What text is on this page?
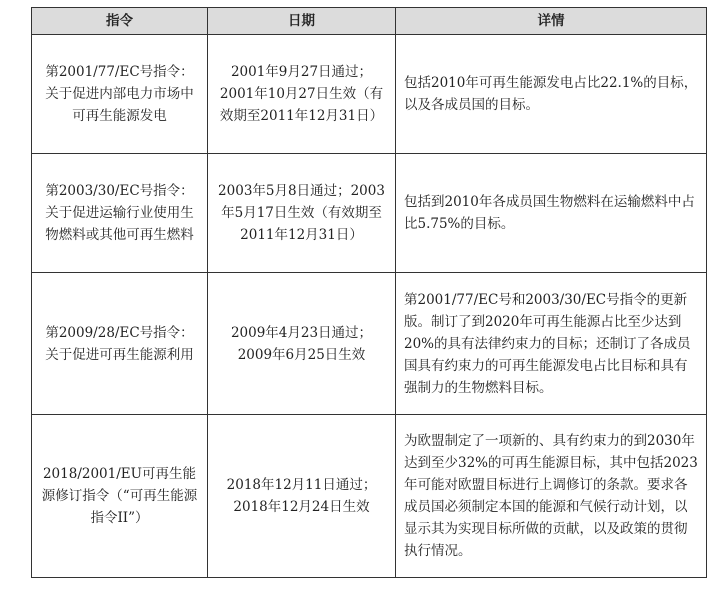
指令	日期	详情
第2001/77/EC号指令：关于促进内部电力市场中可再生能源发电	2001年9月27日通过；2001年10月27日生效（有效期至2011年12月31日）	包括2010年可再生能源发电占比22.1%的目标，以及各成员国的目标。
第2003/30/EC号指令：关于促进运输行业使用生物燃料或其他可再生燃料	2003年5月8日通过；2003年5月17日生效（有效期至2011年12月31日）	包括到2010年各成员国生物燃料在运输燃料中占比5.75%的目标。
第2009/28/EC号指令：关于促进可再生能源利用	2009年4月23日通过；2009年6月25日生效	第2001/77/EC号和2003/30/EC号指令的更新版。制订了到2020年可再生能源占比至少达到20%的具有法律约束力的目标；还制订了各成员国具有约束力的可再生能源发电占比目标和具有强制力的生物燃料目标。
2018/2001/EU可再生能源修订指令（“可再生能源指令II”）	2018年12月11日通过；2018年12月24日生效	为欧盟制定了一项新的、具有约束力的到2030年达到至少32%的可再生能源目标，其中包括2023年可能对欧盟目标进行上调修订的条款。要求各成员国必须制定本国的能源和气候行动计划，以显示其为实现目标所做的贡献，以及政策的贯彻执行情况。
